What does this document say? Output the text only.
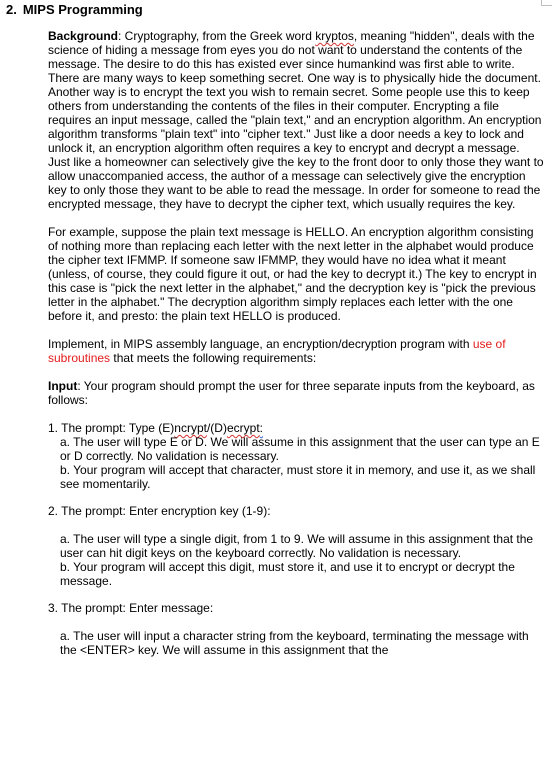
2. MIPS Programming

Background: Cryptography, from the Greek word kryptos, meaning "hidden", deals with the science of hiding a message from eyes you do not want to understand the contents of the message. The desire to do this has existed ever since humankind was first able to write. There are many ways to keep something secret. One way is to physically hide the document. Another way is to encrypt the text you wish to remain secret. Some people use this to keep others from understanding the contents of the files in their computer. Encrypting a file requires an input message, called the "plain text," and an encryption algorithm. An encryption algorithm transforms "plain text" into "cipher text." Just like a door needs a key to lock and unlock it, an encryption algorithm often requires a key to encrypt and decrypt a message. Just like a homeowner can selectively give the key to the front door to only those they want to allow unaccompanied access, the author of a message can selectively give the encryption key to only those they want to be able to read the message. In order for someone to read the encrypted message, they have to decrypt the cipher text, which usually requires the key.

For example, suppose the plain text message is HELLO. An encryption algorithm consisting of nothing more than replacing each letter with the next letter in the alphabet would produce the cipher text IFMMP. If someone saw IFMMP, they would have no idea what it meant (unless, of course, they could figure it out, or had the key to decrypt it.) The key to encrypt in this case is "pick the next letter in the alphabet," and the decryption key is "pick the previous letter in the alphabet." The decryption algorithm simply replaces each letter with the one before it, and presto: the plain text HELLO is produced.

Implement, in MIPS assembly language, an encryption/decryption program with use of subroutines that meets the following requirements:

Input: Your program should prompt the user for three separate inputs from the keyboard, as follows:

1. The prompt: Type (E)ncrypt/(D)ecrypt:
a. The user will type E or D. We will assume in this assignment that the user can type an E or D correctly. No validation is necessary.
b. Your program will accept that character, must store it in memory, and use it, as we shall see momentarily.
2. The prompt: Enter encryption key (1-9):
a. The user will type a single digit, from 1 to 9. We will assume in this assignment that the user can hit digit keys on the keyboard correctly. No validation is necessary.
b. Your program will accept this digit, must store it, and use it to encrypt or decrypt the message.
3. The prompt: Enter message:
a. The user will input a character string from the keyboard, terminating the message with the <ENTER> key. We will assume in this assignment that the
